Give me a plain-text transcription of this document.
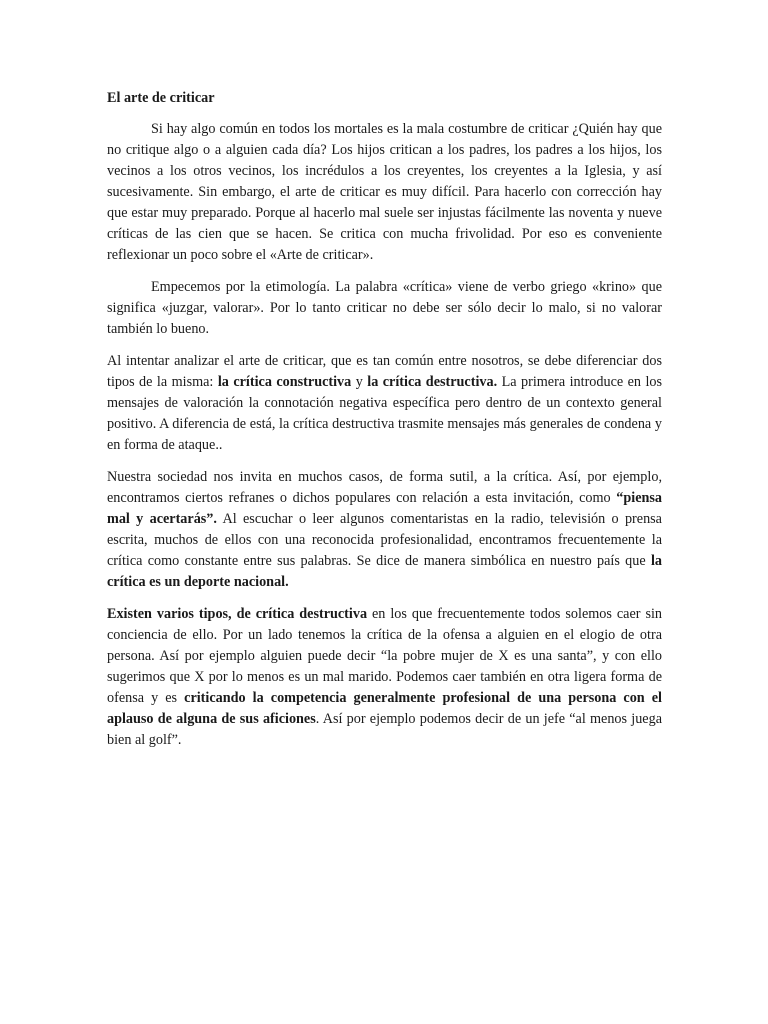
El arte de criticar

Si hay algo común en todos los mortales es la mala costumbre de criticar ¿Quién hay que no critique algo o a alguien cada día? Los hijos critican a los padres, los padres a los hijos, los vecinos a los otros vecinos, los incrédulos a los creyentes, los creyentes a la Iglesia, y así sucesivamente. Sin embargo, el arte de criticar es muy difícil. Para hacerlo con corrección hay que estar muy preparado. Porque al hacerlo mal suele ser injustas fácilmente las noventa y nueve críticas de las cien que se hacen. Se critica con mucha frivolidad. Por eso es conveniente reflexionar un poco sobre el «Arte de criticar».

Empecemos por la etimología. La palabra «crítica» viene de verbo griego «krino» que significa «juzgar, valorar». Por lo tanto criticar no debe ser sólo decir lo malo, si no valorar también lo bueno.

Al intentar analizar el arte de criticar, que es tan común entre nosotros, se debe diferenciar dos tipos de la misma: la crítica constructiva y la crítica destructiva. La primera introduce en los mensajes de valoración la connotación negativa específica pero dentro de un contexto general positivo. A diferencia de está, la crítica destructiva trasmite mensajes más generales de condena y en forma de ataque..

Nuestra sociedad nos invita en muchos casos, de forma sutil, a la crítica. Así, por ejemplo, encontramos ciertos refranes o dichos populares con relación a esta invitación, como “piensa mal y acertarás”. Al escuchar o leer algunos comentaristas en la radio, televisión o prensa escrita, muchos de ellos con una reconocida profesionalidad, encontramos frecuentemente la crítica como constante entre sus palabras. Se dice de manera simbólica en nuestro país que la crítica es un deporte nacional.

Existen varios tipos, de crítica destructiva en los que frecuentemente todos solemos caer sin conciencia de ello. Por un lado tenemos la crítica de la ofensa a alguien en el elogio de otra persona. Así por ejemplo alguien puede decir “la pobre mujer de X es una santa”, y con ello sugerimos que X por lo menos es un mal marido. Podemos caer también en otra ligera forma de ofensa y es criticando la competencia generalmente profesional de una persona con el aplauso de alguna de sus aficiones. Así por ejemplo podemos decir de un jefe “al menos juega bien al golf”.
